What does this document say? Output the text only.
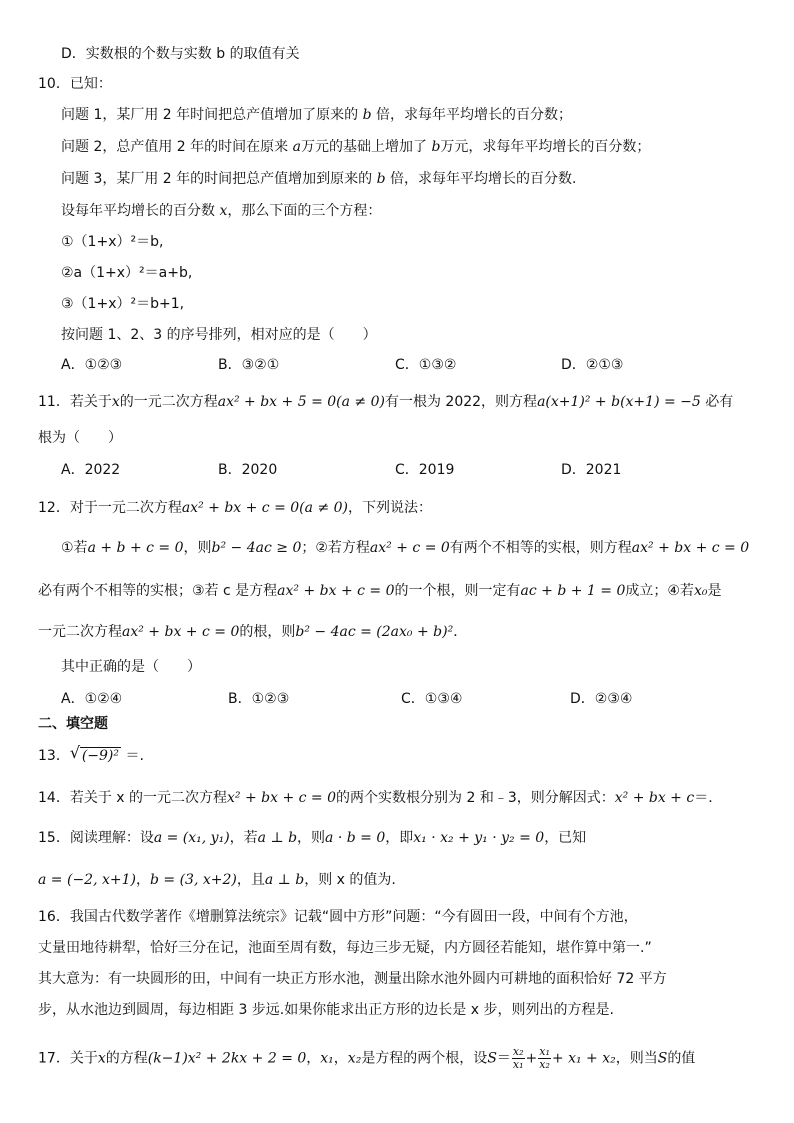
D．实数根的个数与实数 b 的取值有关
10．已知：
问题 1，某厂用 2 年时间把总产值增加了原来的 b 倍，求每年平均增长的百分数；
问题 2，总产值用 2 年的时间在原来 a万元的基础上增加了 b万元，求每年平均增长的百分数；
问题 3，某厂用 2 年的时间把总产值增加到原来的 b 倍，求每年平均增长的百分数.
设每年平均增长的百分数 x，那么下面的三个方程：
①（1+x）²＝b,
②a（1+x）²＝a+b,
③（1+x）²＝b+1,
按问题 1、2、3 的序号排列，相对应的是（　　）
A．①②③	B．③②①	C．①③②	D．②①③
11．若关于x的一元二次方程ax² + bx + 5 = 0(a ≠ 0)有一根为 2022，则方程a(x+1)² + b(x+1) = −5 必有
根为（　　）
A．2022	B．2020	C．2019	D．2021
12．对于一元二次方程ax² + bx + c = 0(a ≠ 0)，下列说法：
①若a + b + c = 0，则b² − 4ac ≥ 0；②若方程ax² + c = 0有两个不相等的实根，则方程ax² + bx + c = 0
必有两个不相等的实根；③若 c 是方程ax² + bx + c = 0的一个根，则一定有ac + b + 1 = 0成立；④若x₀是
一元二次方程ax² + bx + c = 0的根，则b² − 4ac = (2ax₀ + b)²．
其中正确的是（　　）
A．①②④	B．①②③	C．①③④	D．②③④
二、填空题
13． √ (−9)² ＝.
14．若关于 x 的一元二次方程x² + bx + c = 0的两个实数根分别为 2 和﹣3，则分解因式：x² + bx + c＝.
15．阅读理解：设a = (x₁, y₁)，若a ⊥ b，则a · b = 0，即x₁ · x₂ + y₁ · y₂ = 0，已知
a = (−2, x+1)，b = (3, x+2)，且a ⊥ b，则 x 的值为.
16．我国古代数学著作《增删算法统宗》记载“圆中方形”问题：“今有圆田一段，中间有个方池，
丈量田地待耕犁，恰好三分在记，池面至周有数，每边三步无疑，内方圆径若能知，堪作算中第一.”
其大意为：有一块圆形的田，中间有一块正方形水池，测量出除水池外圆内可耕地的面积恰好 72 平方
步，从水池边到圆周，每边相距 3 步远.如果你能求出正方形的边长是 x 步，则列出的方程是.
17．关于x的方程(k−1)x² + 2kx + 2 = 0，x₁，x₂是方程的两个根，设$S= \frac{\text{x₂}}{\text{x₁}} + \frac{\text{x₁}}{\text{x₂}} + x_1 + x_2$，则当S的值
